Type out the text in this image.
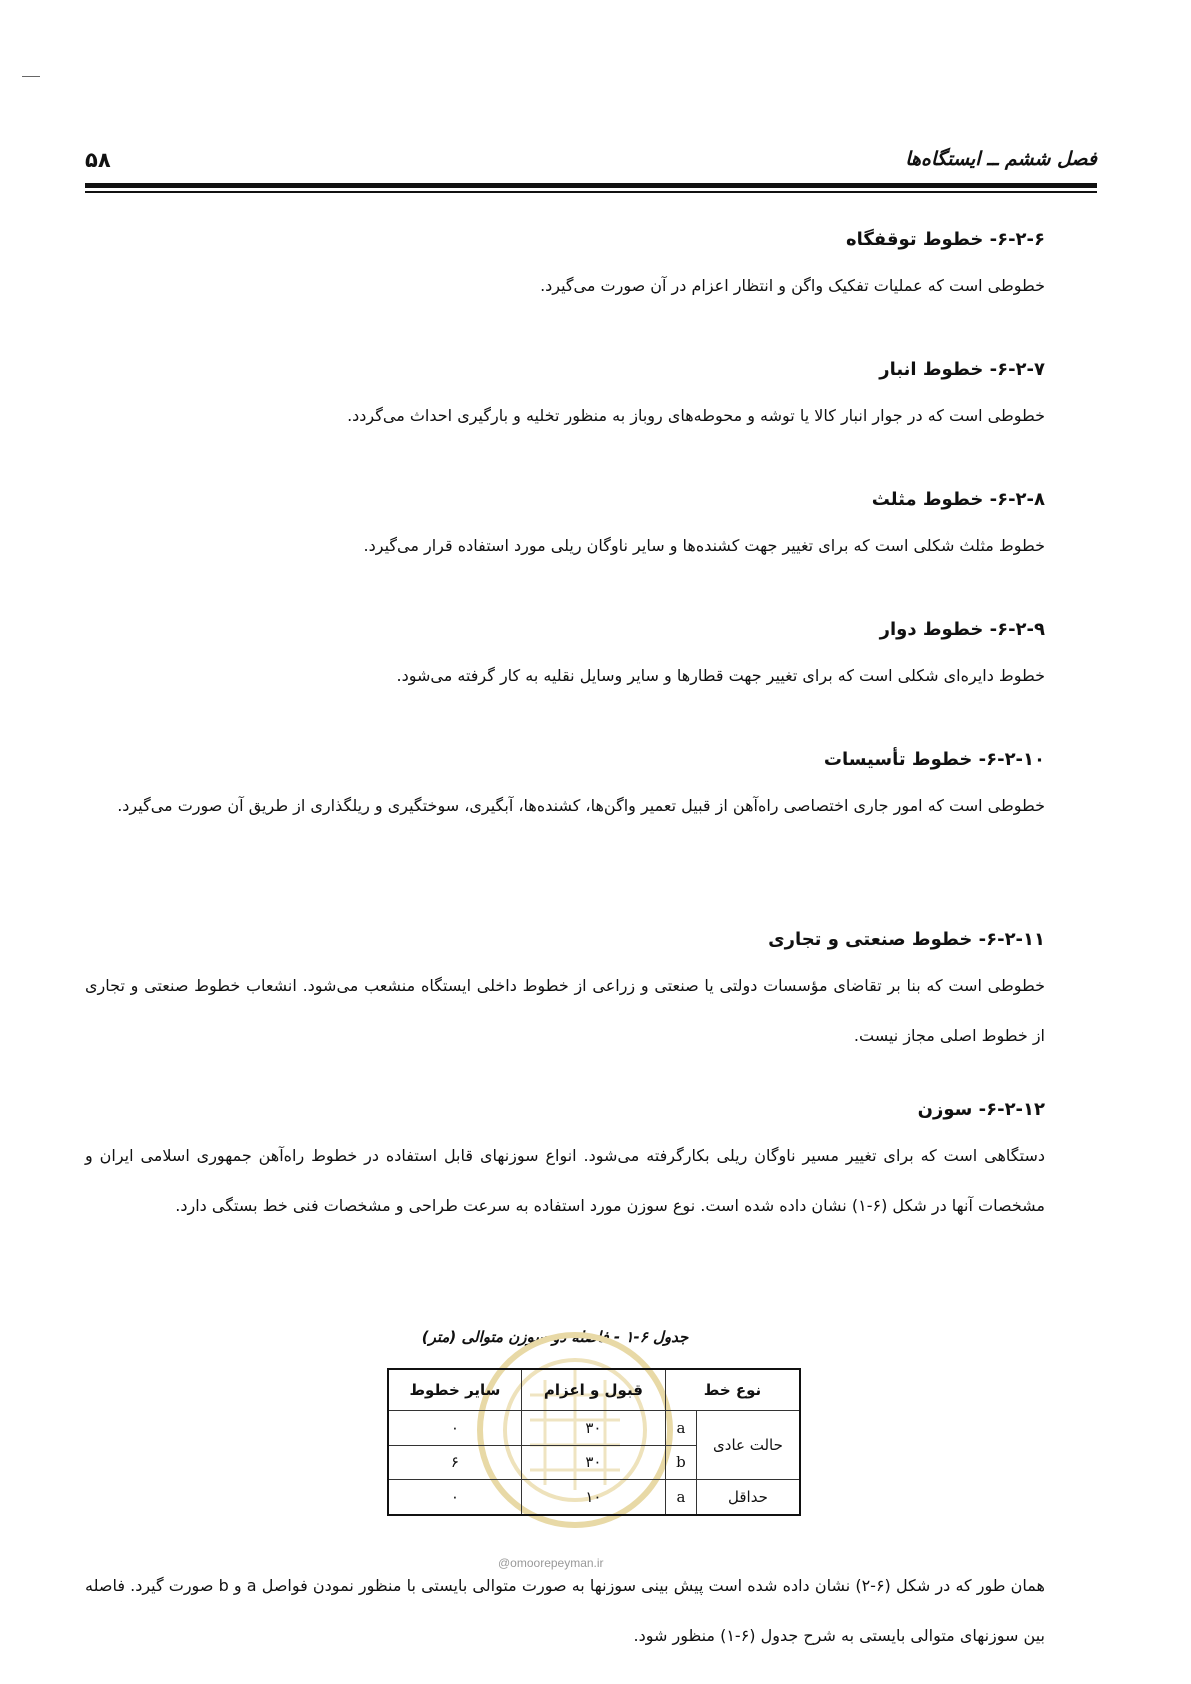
فصل ششم ــ ایستگاه‌ها
۵۸
۶-۲-۶- خطوط توقفگاه

خطوطی است که عملیات تفکیک واگن و انتظار اعزام در آن صورت می‌گیرد.

۶-۲-۷- خطوط انبار

خطوطی است که در جوار انبار کالا یا توشه و محوطه‌های روباز به منظور تخلیه و بارگیری احداث می‌گردد.

۶-۲-۸- خطوط مثلث

خطوط مثلث شکلی است که برای تغییر جهت کشنده‌ها و سایر ناوگان ریلی مورد استفاده قرار می‌گیرد.

۶-۲-۹- خطوط دوار

خطوط دایره‌ای شکلی است که برای تغییر جهت قطارها و سایر وسایل نقلیه به کار گرفته می‌شود.

۶-۲-۱۰- خطوط تأسیسات

خطوطی است که امور جاری اختصاصی راه‌آهن از قبیل تعمیر واگن‌ها، کشنده‌ها، آبگیری، سوختگیری و ریلگذاری از طریق آن صورت می‌گیرد.

۶-۲-۱۱- خطوط صنعتی و تجاری

خطوطی است که بنا بر تقاضای مؤسسات دولتی یا صنعتی و زراعی از خطوط داخلی ایستگاه منشعب می‌شود. انشعاب خطوط صنعتی و تجاری از خطوط اصلی مجاز نیست.

۶-۲-۱۲- سوزن

دستگاهی است که برای تغییر مسیر ناوگان ریلی بکارگرفته می‌شود. انواع سوزنهای قابل استفاده در خطوط راه‌آهن جمهوری اسلامی ایران و مشخصات آنها در شکل (۶-۱) نشان داده شده است. نوع سوزن مورد استفاده به سرعت طراحی و مشخصات فنی خط بستگی دارد.

جدول ۶-۱ - فاصله دو سوزن متوالی (متر)
نوع خط		قبول و اعزام	سایر خطوط
حالت عادی	a	۳۰	۰
	b	۳۰	۶
حداقل	a	۱۰	۰
@omoorepeyman.ir

همان طور که در شکل (۶-۲) نشان داده شده است پیش بینی سوزنها به صورت متوالی بایستی با منظور نمودن فواصل a و b صورت گیرد. فاصله بین سوزنهای متوالی بایستی به شرح جدول (۶-۱) منظور شود.
